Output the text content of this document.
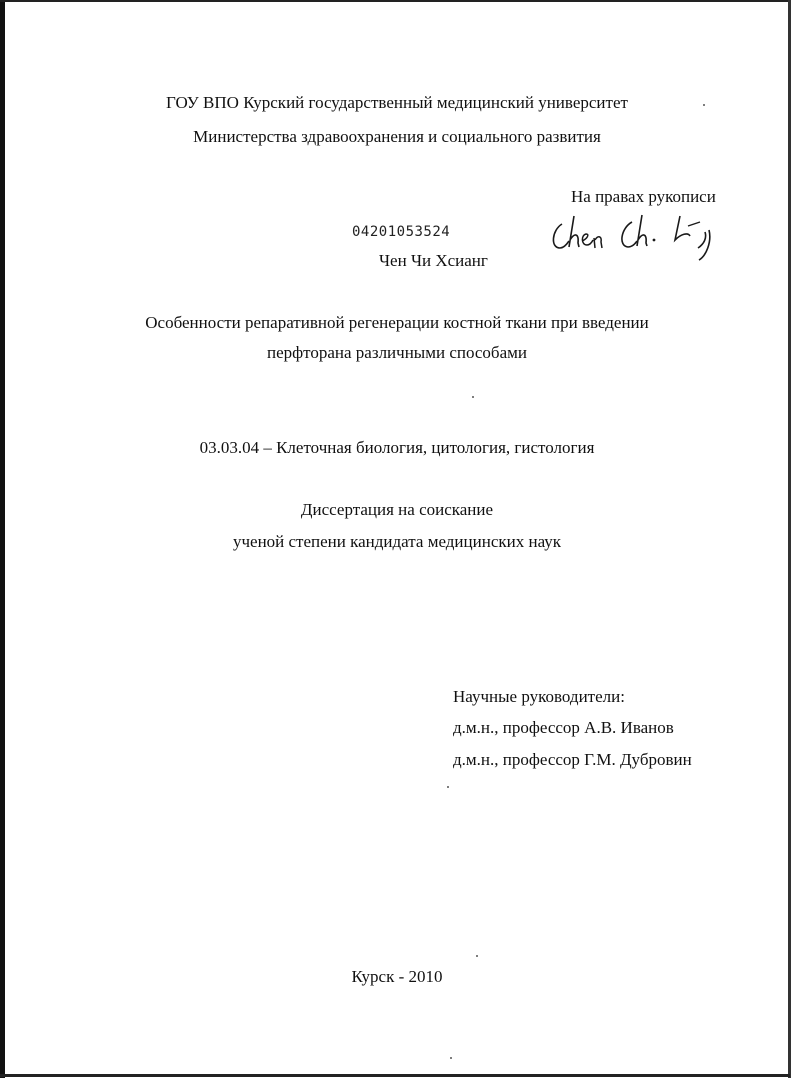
ГОУ ВПО Курский государственный медицинский университет
Министерства здравоохранения и социального развития
На правах рукописи
04201053524
Чен Чи Хсианг
Особенности репаративной регенерации костной ткани при введении
перфторана различными способами
03.03.04 – Клеточная биология, цитология, гистология
Диссертация на соискание
ученой степени кандидата медицинских наук
Научные руководители:
д.м.н., профессор А.В. Иванов
д.м.н., профессор Г.М. Дубровин
Курск - 2010
